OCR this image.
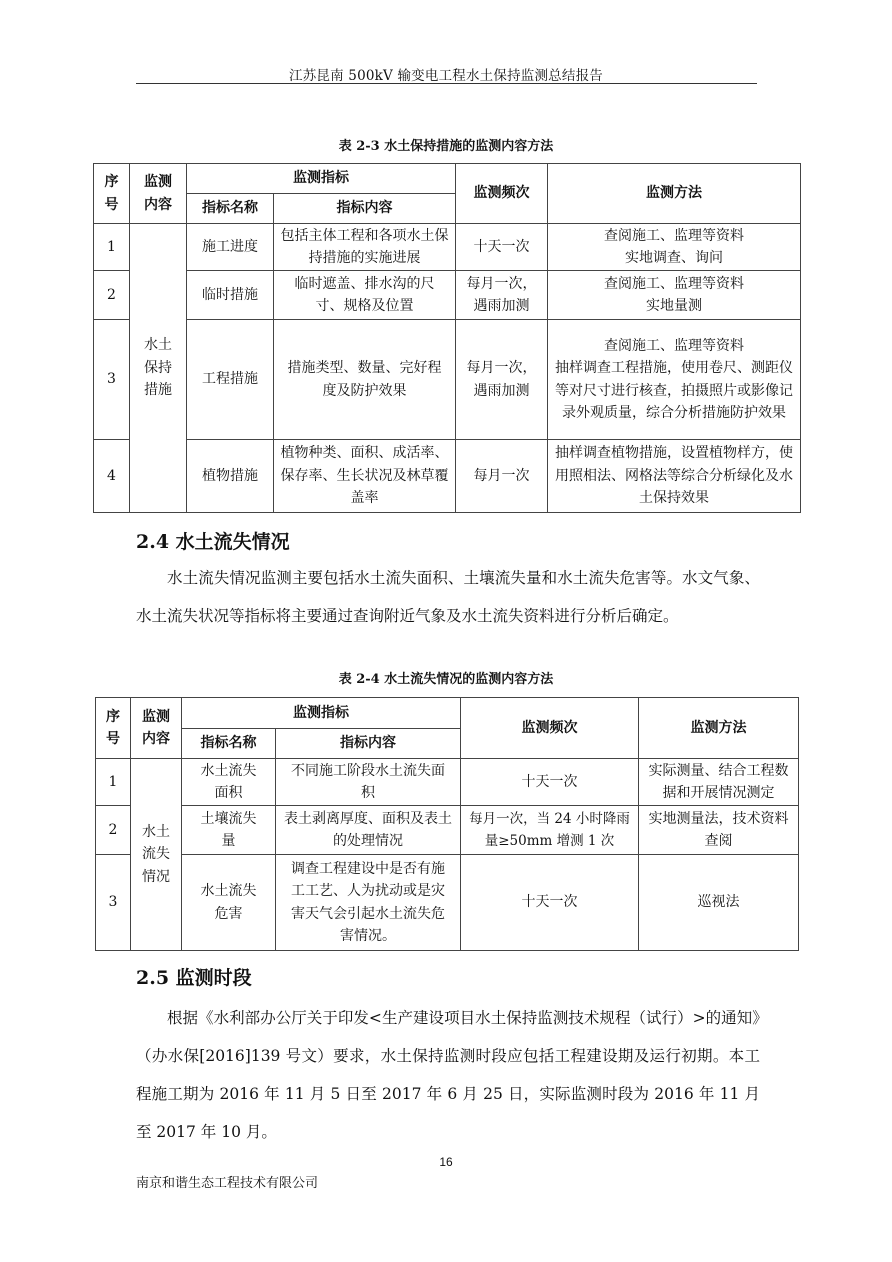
江苏昆南 500kV 输变电工程水土保持监测总结报告
表 2-3 水土保持措施的监测内容方法
序号	监测内容	监测指标		监测频次	监测方法
		指标名称	指标内容		
1	水土保持措施	施工进度	包括主体工程和各项水土保持措施的实施进展	十天一次	查阅施工、监理等资料
实地调查、询问
2		临时措施	临时遮盖、排水沟的尺寸、规格及位置	每月一次，遇雨加测	查阅施工、监理等资料
实地量测
3		工程措施	措施类型、数量、完好程度及防护效果	每月一次，遇雨加测	查阅施工、监理等资料
抽样调查工程措施，使用卷尺、测距仪等对尺寸进行核查，拍摄照片或影像记录外观质量，综合分析措施防护效果
4		植物措施	植物种类、面积、成活率、保存率、生长状况及林草覆盖率	每月一次	抽样调查植物措施，设置植物样方，使用照相法、网格法等综合分析绿化及水土保持效果
2.4 水土流失情况
水土流失情况监测主要包括水土流失面积、土壤流失量和水土流失危害等。水文气象、水土流失状况等指标将主要通过查询附近气象及水土流失资料进行分析后确定。
表 2-4 水土流失情况的监测内容方法
序号	监测内容	监测指标		监测频次	监测方法
		指标名称	指标内容		
1	水土流失情况	水土流失面积	不同施工阶段水土流失面积	十天一次	实际测量、结合工程数据和开展情况测定
2		土壤流失量	表土剥离厚度、面积及表土的处理情况	每月一次，当 24 小时降雨量≥50mm 增测 1 次	实地测量法，技术资料查阅
3		水土流失危害	调查工程建设中是否有施工工艺、人为扰动或是灾害天气会引起水土流失危害情况。	十天一次	巡视法
2.5 监测时段
根据《水利部办公厅关于印发<生产建设项目水土保持监测技术规程（试行）>的通知》（办水保[2016]139 号文）要求，水土保持监测时段应包括工程建设期及运行初期。本工程施工期为 2016 年 11 月 5 日至 2017 年 6 月 25 日，实际监测时段为 2016 年 11 月至 2017 年 10 月。
16
南京和谐生态工程技术有限公司
